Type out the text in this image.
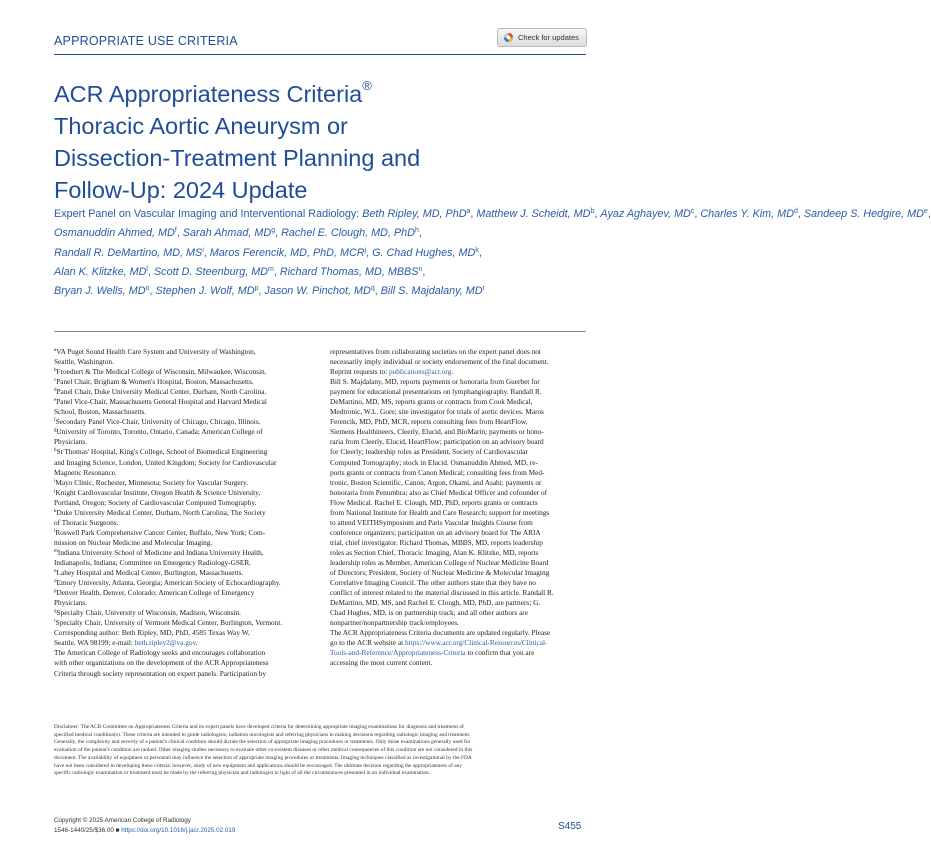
APPROPRIATE USE CRITERIA	Check for updates
ACR Appropriateness Criteria®
Thoracic Aortic Aneurysm or
Dissection-Treatment Planning and
Follow-Up: 2024 Update
Expert Panel on Vascular Imaging and Interventional Radiology: Beth Ripley, MD, PhD$^a$, Matthew J. Scheidt, $MD^b$, Ayaz Aghayev, $MD^c$, Charles Y. Kim, $MD^d$, Sandeep S. Hedgire, MDe,
Osmanuddin Ahmed, $MD^f$, Sarah Ahmad, $MD^g$, Rachel E. Clough, MD, PhD$^h$,
Randall R. DeMartino, MD, $MS^i$, Maros Ferencik, MD, PhD, MCR$^j$, G. Chad Hughes, $MD^k$,
Alan K. Klitzke, $MD^l$, Scott D. Steenburg, $MD^m$, Richard Thomas, MD, MBBS$^n$,
Bryan J. Wells, $MD^o$, Stephen J. Wolf, $MD^p$, Jason W. Pinchot, $MD^q$, Bill S. Majdalany, $MD^r$
$^a$VA Puget Sound Health Care System and University of Washington,
Seattle, Washington.
$^b$Froedtert & The Medical College of Wisconsin, Milwaukee, Wisconsin.
$^c$Panel Chair, Brigham & Women's Hospital, Boston, Massachusetts.
$^d$Panel Chair, Duke University Medical Center, Durham, North Carolina.
$^e$Panel Vice-Chair, Massachusetts General Hospital and Harvard Medical
School, Boston, Massachusetts.
$^f$Secondary Panel Vice-Chair, University of Chicago, Chicago, Illinois.
$^g$University of Toronto, Toronto, Ontario, Canada; American College of
Physicians.
$^h$St Thomas' Hospital, King's College, School of Biomedical Engineering
and Imaging Science, London, United Kingdom; Society for Cardiovascular
Magnetic Resonance.
$^i$Mayo Clinic, Rochester, Minnesota; Society for Vascular Surgery.
$^j$Knight Cardiovascular Institute, Oregon Health & Science University,
Portland, Oregon; Society of Cardiovascular Computed Tomography.
$^k$Duke University Medical Center, Durham, North Carolina; The Society
of Thoracic Surgeons.
$^l$Roswell Park Comprehensive Cancer Center, Buffalo, New York; Com-
mission on Nuclear Medicine and Molecular Imaging.
$^m$Indiana University School of Medicine and Indiana University Health,
Indianapolis, Indiana; Committee on Emergency Radiology-GSER.
$^n$Lahey Hospital and Medical Center, Burlington, Massachusetts.
$^o$Emory University, Atlanta, Georgia; American Society of Echocardiography.
$^p$Denver Health, Denver, Colorado; American College of Emergency
Physicians.
$^q$Specialty Chair, University of Wisconsin, Madison, Wisconsin.
$^r$Specialty Chair, University of Vermont Medical Center, Burlington, Vermont.
Corresponding author: Beth Ripley, MD, PhD, 4585 Texas Way W,
Seattle, WA 98199; e-mail: beth.ripley2@va.gov.
The American College of Radiology seeks and encourages collaboration
with other organizations on the development of the ACR Appropriateness
Criteria through society representation on expert panels. Participation by
representatives from collaborating societies on the expert panel does not
necessarily imply individual or society endorsement of the final document.
Reprint requests to: publications@acr.org.
Bill S. Majdalany, MD, reports payments or honoraria from Guerbet for
payment for educational presentations on lymphangiography. Randall R.
DeMartino, MD, MS, reports grants or contracts from Cook Medical,
Medtronic, W.L. Gore; site investigator for trials of aortic devices. Maros
Ferencik, MD, PhD, MCR, reports consulting fees from HeartFlow,
Siemens Healthineers, Cleerly, Elucid, and BioMarin; payments or hono-
raria from Cleerly, Elucid, HeartFlow; participation on an advisory board
for Cleerly; leadership roles as President, Society of Cardiovascular
Computed Tomography; stock in Elucid. Osmanuddin Ahmed, MD, re-
ports grants or contracts from Canon Medical; consulting fees from Med-
tronic, Boston Scientific, Canon, Argon, Okami, and Asahi; payments or
honoraria from Penumbra; also as Chief Medical Officer and cofounder of
Flow Medical. Rachel E. Clough, MD, PhD, reports grants or contracts
from National Institute for Health and Care Research; support for meetings
to attend VEITHSymposium and Paris Vascular Insights Course from
conference organizers; participation on an advisory board for The ARIA
trial, chief investigator. Richard Thomas, MBBS, MD, reports leadership
roles as Section Chief, Thoracic Imaging, Alan K. Klitzke, MD, reports
leadership roles as Member, American College of Nuclear Medicine Board
of Directors; President, Society of Nuclear Medicine & Molecular Imaging
Correlative Imaging Council. The other authors state that they have no
conflict of interest related to the material discussed in this article. Randall R.
DeMartino, MD, MS, and Rachel E. Clough, MD, PhD, are partners; G.
Chad Hughes, MD, is on partnership track; and all other authors are
nonpartner/nonpartnership track/employees.
The ACR Appropriateness Criteria documents are updated regularly. Please
go to the ACR website at https://www.acr.org/Clinical-Resources/Clinical-
Tools-and-Reference/Appropriateness-Criteria to confirm that you are
accessing the most current content.
Disclaimer: The ACR Committee on Appropriateness Criteria and its expert panels have developed criteria for determining appropriate imaging examinations for diagnosis and treatment of
specified medical condition(s). These criteria are intended to guide radiologists, radiation oncologists and referring physicians in making decisions regarding radiologic imaging and treatment.
Generally, the complexity and severity of a patient's clinical condition should dictate the selection of appropriate imaging procedures or treatments. Only those examinations generally used for
evaluation of the patient's condition are ranked. Other imaging studies necessary to evaluate other co-existent diseases or other medical consequences of this condition are not considered in this
document. The availability of equipment or personnel may influence the selection of appropriate imaging procedures or treatments. Imaging techniques classified as investigational by the FDA
have not been considered in developing these criteria; however, study of new equipment and applications should be encouraged. The ultimate decision regarding the appropriateness of any
specific radiologic examination or treatment must be made by the referring physician and radiologist in light of all the circumstances presented in an individual examination.
Copyright © 2025 American College of Radiology
1546-1440/25/$36.00 ■ https://doi.org/10.1016/j.jacr.2025.02.019	S455
